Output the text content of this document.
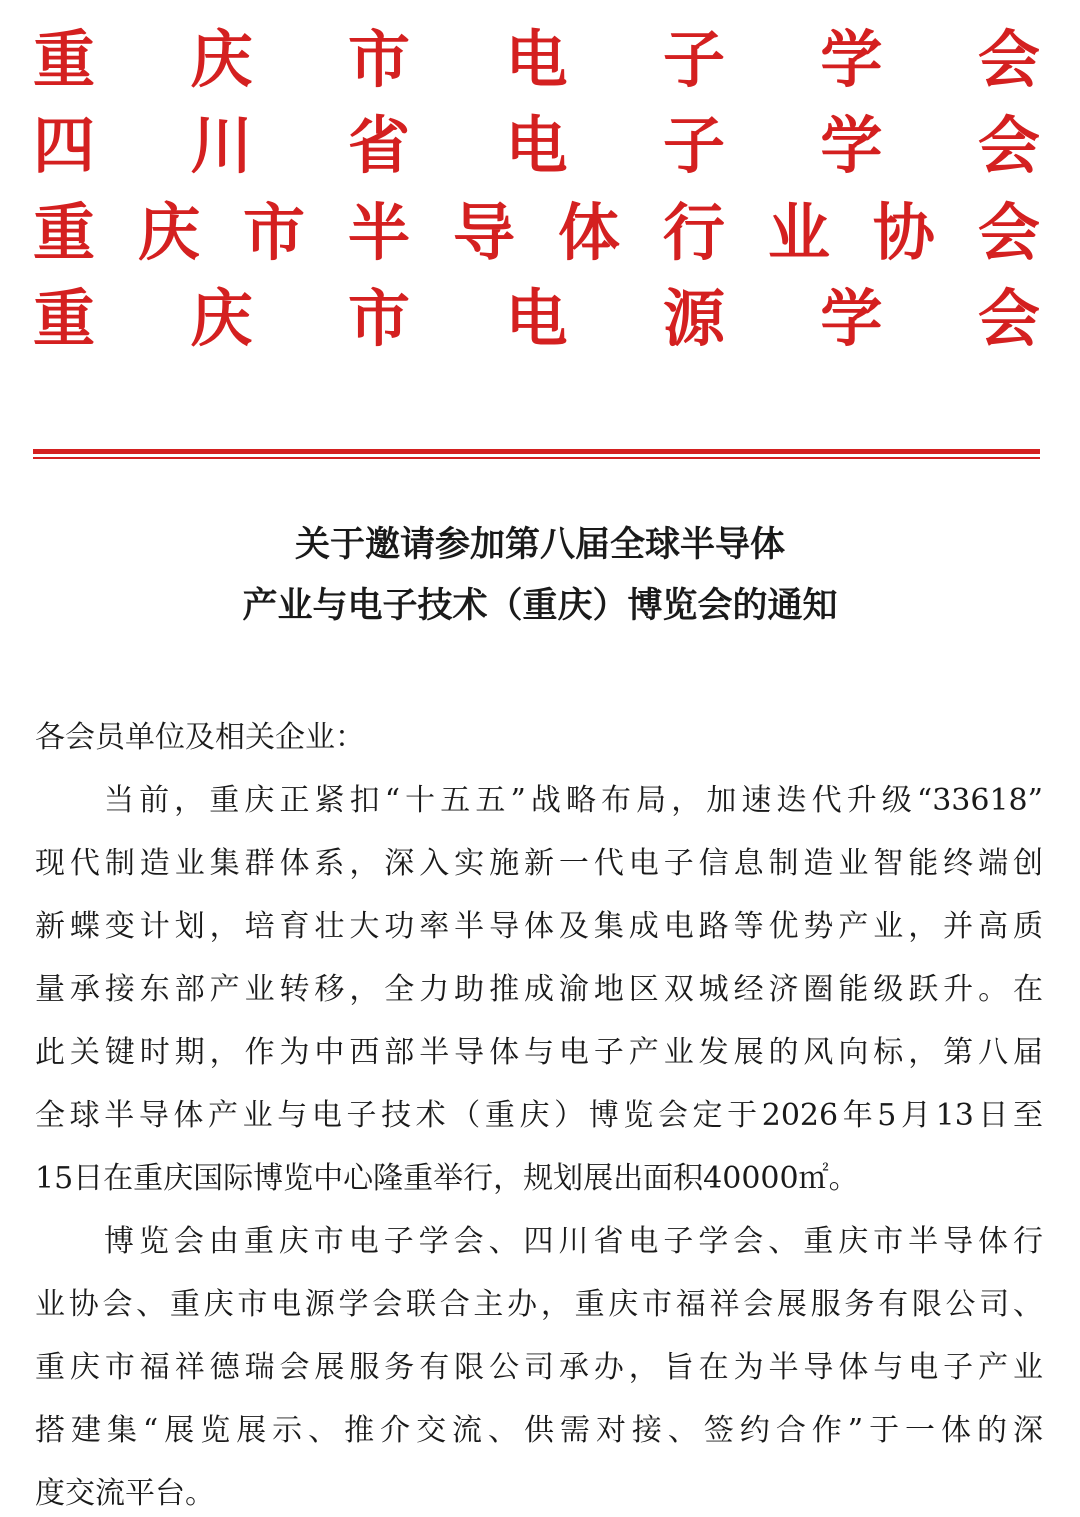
重 庆 市 电 子 学 会
四 川 省 电 子 学 会
重 庆 市 半 导 体 行 业 协 会
重 庆 市 电 源 学 会
关于邀请参加第八届全球半导体
产业与电子技术（重庆）博览会的通知
各会员单位及相关企业：
当前，重庆正紧扣“十五五”战略布局，加速迭代升级“33618”
现代制造业集群体系，深入实施新一代电子信息制造业智能终端创
新蝶变计划，培育壮大功率半导体及集成电路等优势产业，并高质
量承接东部产业转移，全力助推成渝地区双城经济圈能级跃升。在
此关键时期，作为中西部半导体与电子产业发展的风向标，第八届
全球半导体产业与电子技术（重庆）博览会定于2026年5月13日至
15日在重庆国际博览中心隆重举行，规划展出面积40000㎡。
博览会由重庆市电子学会、四川省电子学会、重庆市半导体行
业协会、重庆市电源学会联合主办，重庆市福祥会展服务有限公司、
重庆市福祥德瑞会展服务有限公司承办，旨在为半导体与电子产业
搭建集“展览展示、推介交流、供需对接、签约合作”于一体的深
度交流平台。
